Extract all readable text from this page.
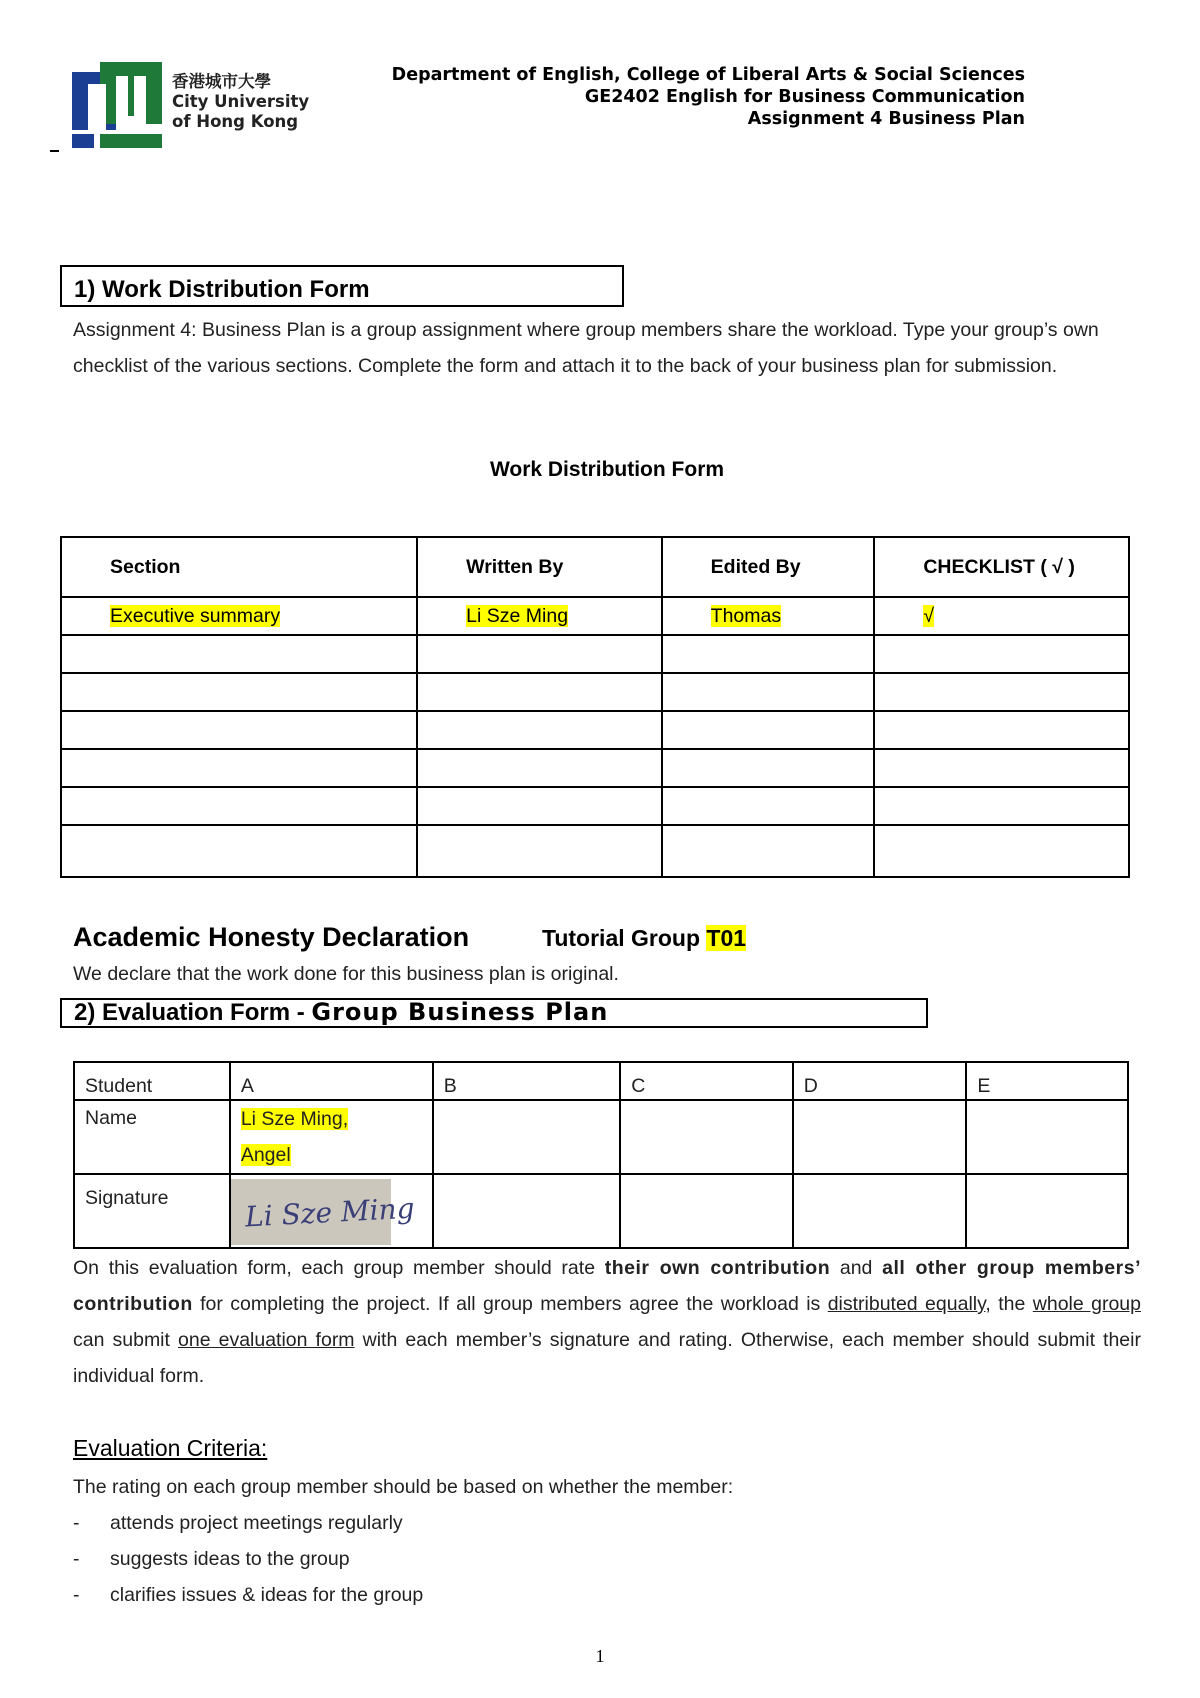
香港城市大學
City University
of Hong Kong
Department of English, College of Liberal Arts & Social Sciences
GE2402 English for Business Communication
Assignment 4 Business Plan
1) Work Distribution Form
Assignment 4: Business Plan is a group assignment where group members share the workload. Type your group’s own checklist of the various sections. Complete the form and attach it to the back of your business plan for submission.
Work Distribution Form
Section	Written By	Edited By	CHECKLIST ( √ )
Executive summary	Li Sze Ming	Thomas	√

Academic Honesty Declaration	Tutorial Group T01
We declare that the work done for this business plan is original.
2) Evaluation Form - Group Business Plan
Student	A	B	C	D	E
Name	Li Sze Ming,
Angel				

Signature	Li Sze Ming				

On this evaluation form, each group member should rate their own contribution and all other group members’ contribution for completing the project. If all group members agree the workload is distributed equally, the whole group can submit one evaluation form with each member’s signature and rating. Otherwise, each member should submit their individual form.
Evaluation Criteria:
The rating on each group member should be based on whether the member:
- attends project meetings regularly
- suggests ideas to the group
- clarifies issues & ideas for the group
1
